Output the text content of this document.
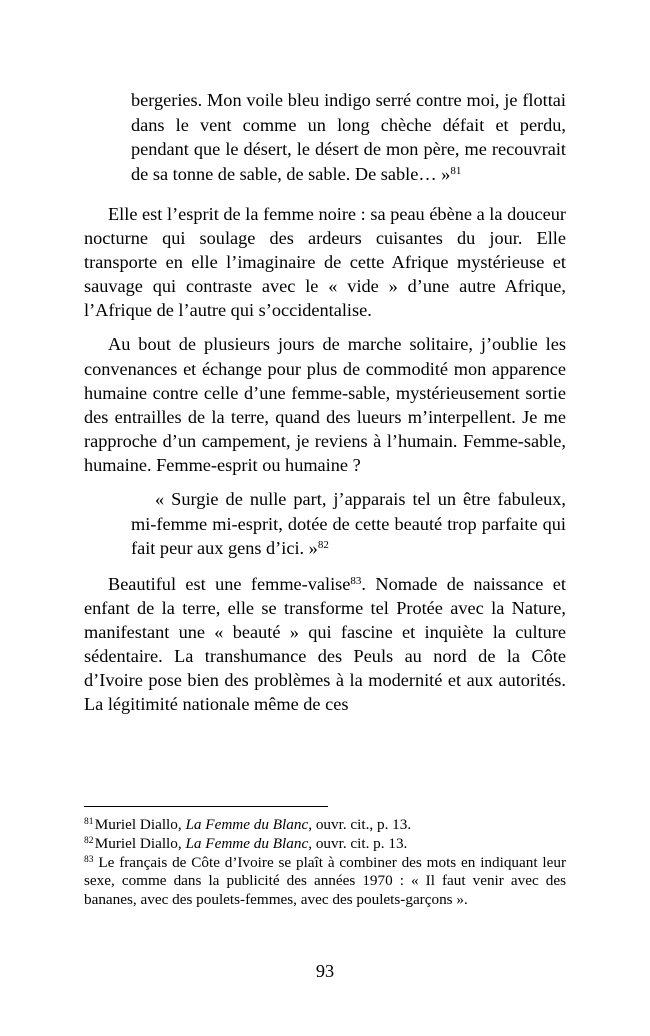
bergeries. Mon voile bleu indigo serré contre moi, je flottai dans le vent comme un long chèche défait et perdu, pendant que le désert, le désert de mon père, me recouvrait de sa tonne de sable, de sable. De sable… »$^{81}$

Elle est l’esprit de la femme noire : sa peau ébène a la douceur nocturne qui soulage des ardeurs cuisantes du jour. Elle transporte en elle l’imaginaire de cette Afrique mystérieuse et sauvage qui contraste avec le « vide » d’une autre Afrique, l’Afrique de l’autre qui s’occidentalise.

Au bout de plusieurs jours de marche solitaire, j’oublie les convenances et échange pour plus de commodité mon apparence humaine contre celle d’une femme-sable, mystérieusement sortie des entrailles de la terre, quand des lueurs m’interpellent. Je me rapproche d’un campement, je reviens à l’humain. Femme-sable, humaine. Femme-esprit ou humaine ?

« Surgie de nulle part, j’apparais tel un être fabuleux, mi-femme mi-esprit, dotée de cette beauté trop parfaite qui fait peur aux gens d’ici. »$^{82}$

Beautiful est une femme-valise$^{83}$. Nomade de naissance et enfant de la terre, elle se transforme tel Protée avec la Nature, manifestant une « beauté » qui fascine et inquiète la culture sédentaire. La transhumance des Peuls au nord de la Côte d’Ivoire pose bien des problèmes à la modernité et aux autorités. La légitimité nationale même de ces

$^{81}$ Muriel Diallo, La Femme du Blanc, ouvr. cit., p. 13.

$^{82}$ Muriel Diallo, La Femme du Blanc, ouvr. cit. p. 13.

$^{83}$ Le français de Côte d’Ivoire se plaît à combiner des mots en indiquant leur sexe, comme dans la publicité des années 1970 : « Il faut venir avec des bananes, avec des poulets-femmes, avec des poulets-garçons ».

93
